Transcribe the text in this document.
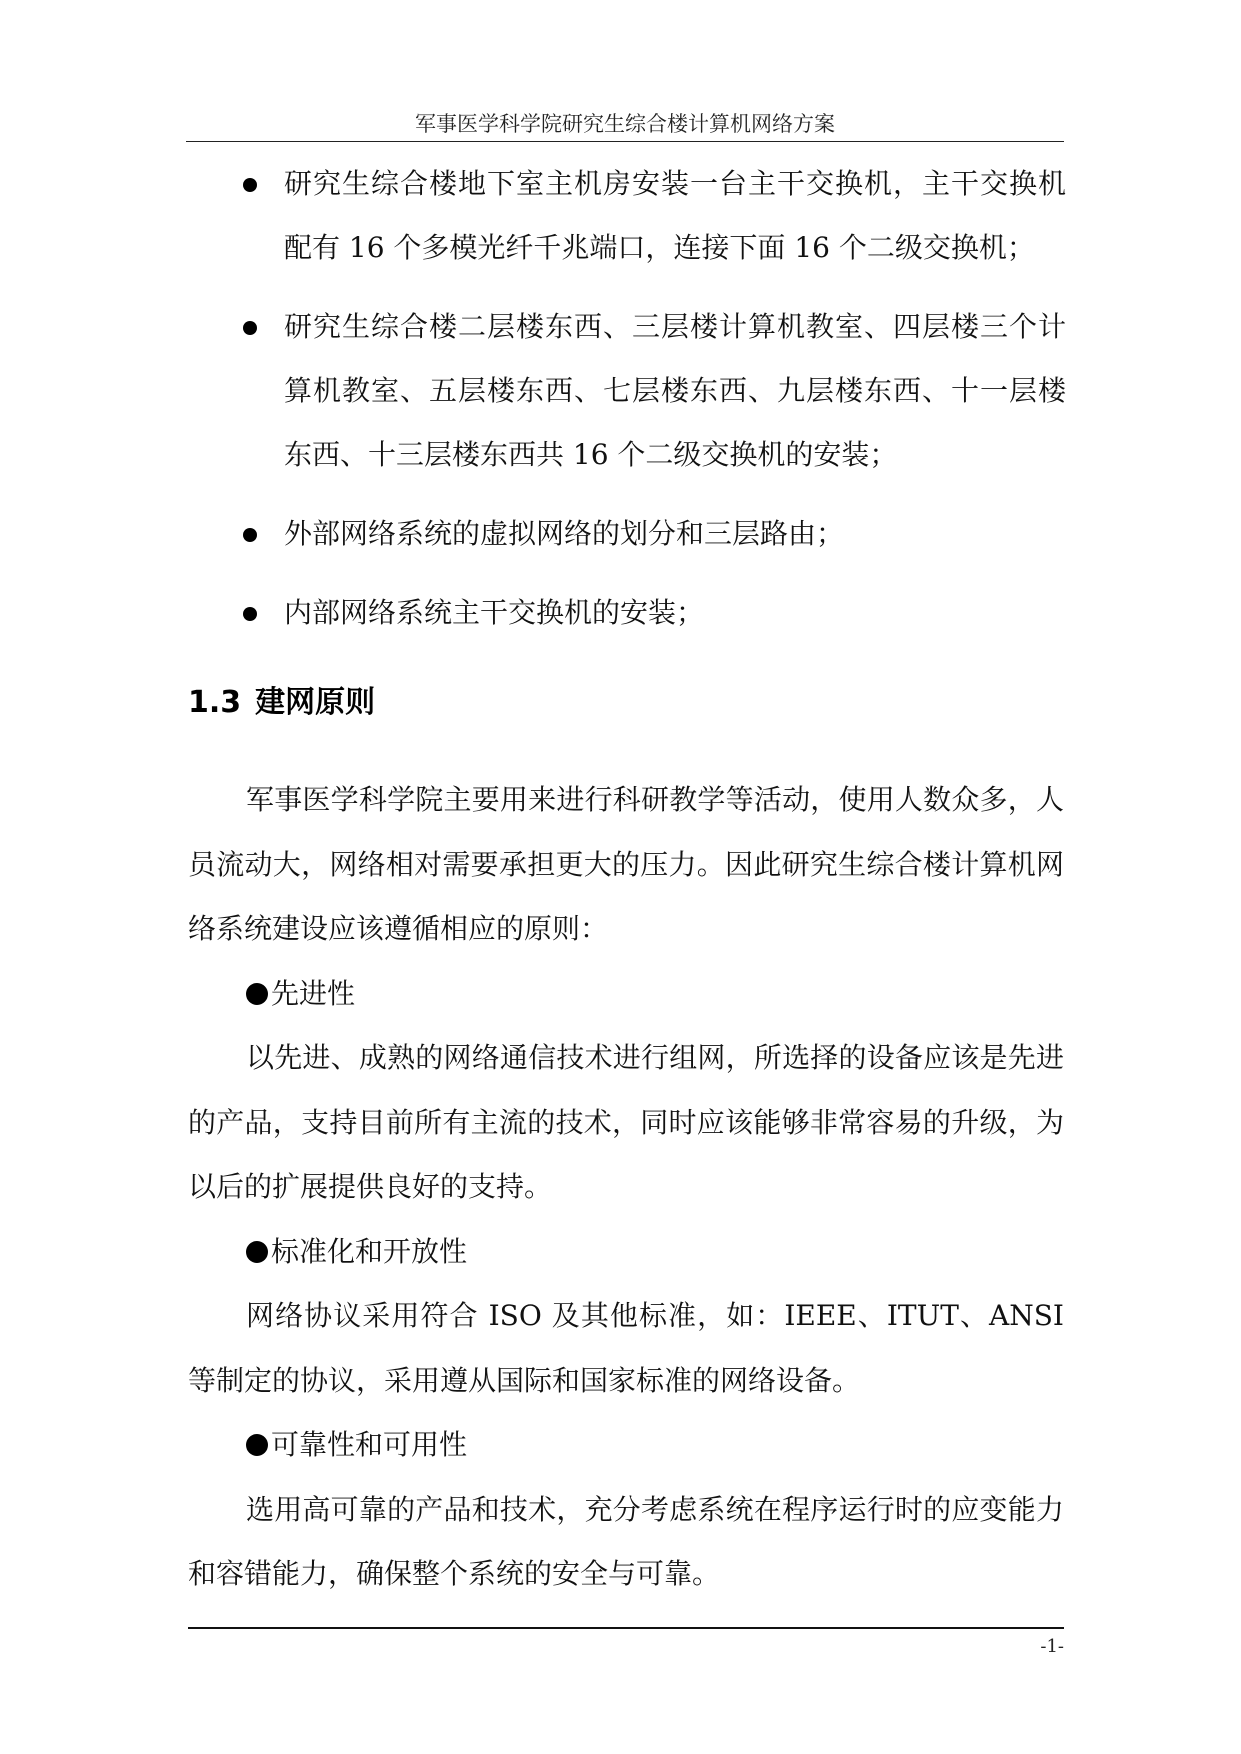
军事医学科学院研究生综合楼计算机网络方案
研究生综合楼地下室主机房安装一台主干交换机，主干交换机配有 16 个多模光纤千兆端口，连接下面 16 个二级交换机；
研究生综合楼二层楼东西、三层楼计算机教室、四层楼三个计算机教室、五层楼东西、七层楼东西、九层楼东西、十一层楼东西、十三层楼东西共 16 个二级交换机的安装；
外部网络系统的虚拟网络的划分和三层路由；
内部网络系统主干交换机的安装；
1.3 建网原则

军事医学科学院主要用来进行科研教学等活动，使用人数众多，人员流动大，网络相对需要承担更大的压力。因此研究生综合楼计算机网络系统建设应该遵循相应的原则：

先进性

以先进、成熟的网络通信技术进行组网，所选择的设备应该是先进的产品，支持目前所有主流的技术，同时应该能够非常容易的升级，为以后的扩展提供良好的支持。

标准化和开放性

网络协议采用符合 ISO 及其他标准，如：IEEE、ITUT、ANSI 等制定的协议，采用遵从国际和国家标准的网络设备。

可靠性和可用性

选用高可靠的产品和技术，充分考虑系统在程序运行时的应变能力和容错能力，确保整个系统的安全与可靠。

-1-
